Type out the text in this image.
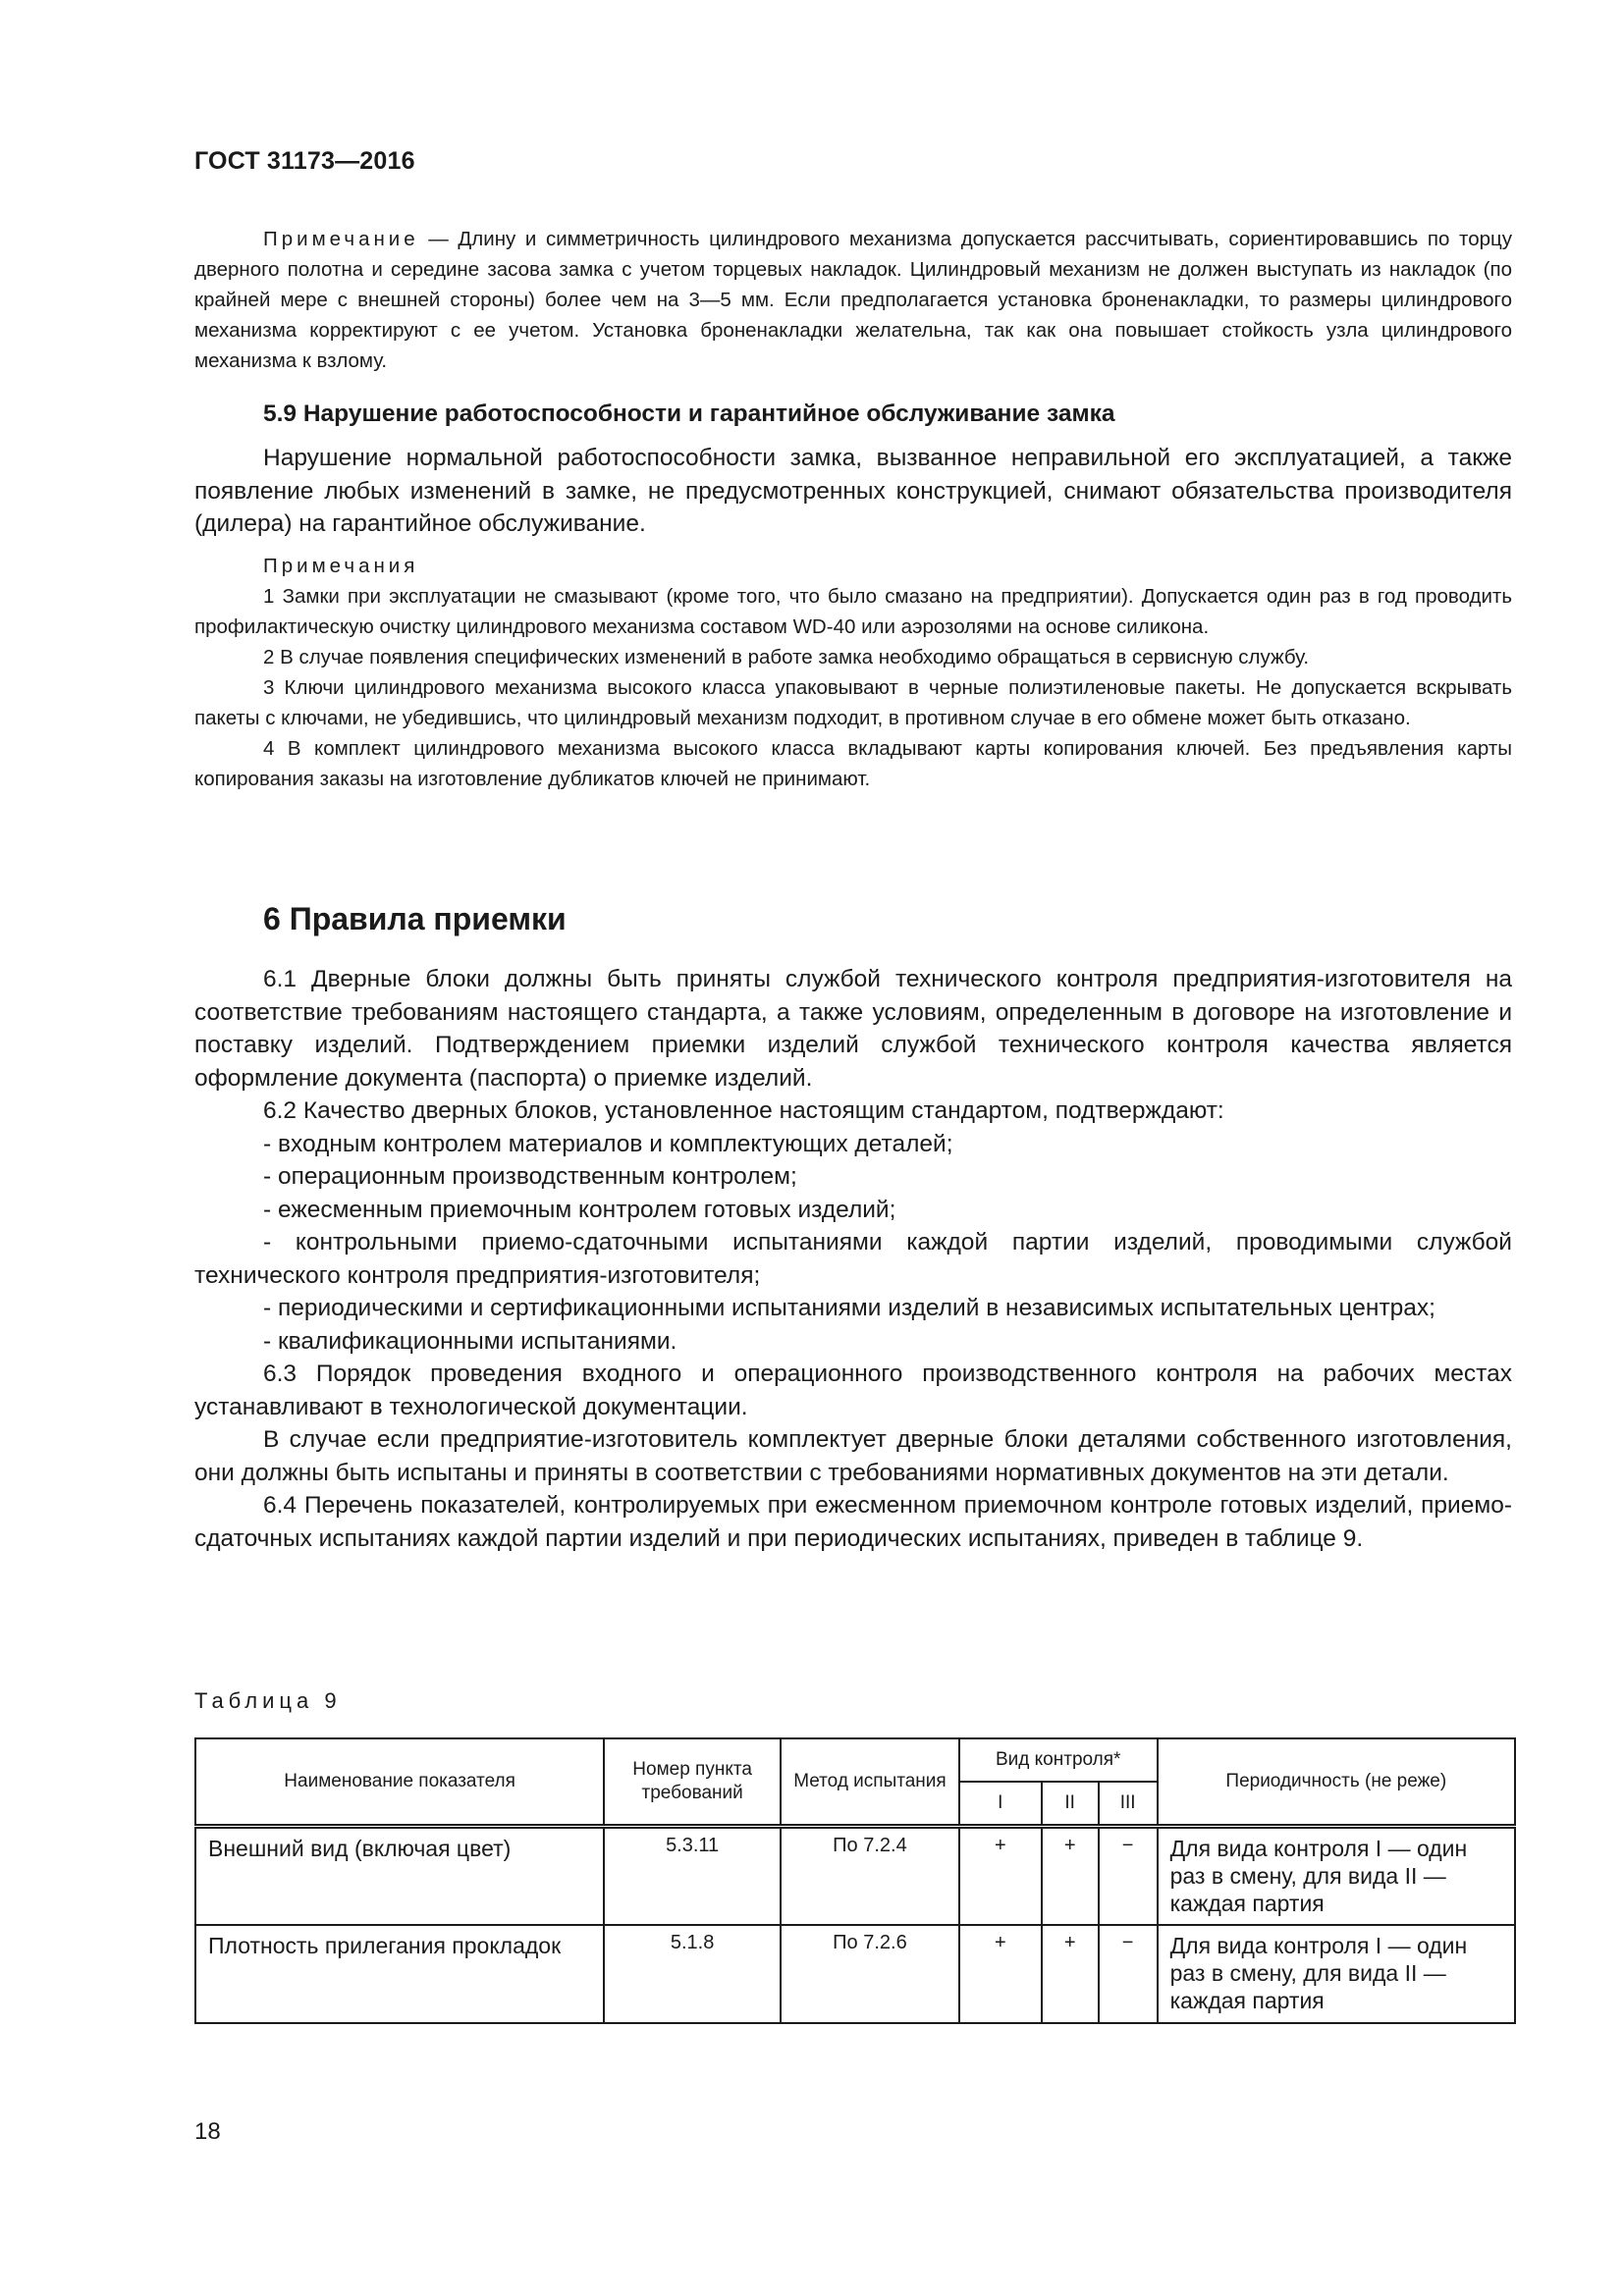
ГОСТ 31173—2016

Примечание — Длину и симметричность цилиндрового механизма допускается рассчитывать, сориентировавшись по торцу дверного полотна и середине засова замка с учетом торцевых накладок. Цилиндровый механизм не должен выступать из накладок (по крайней мере с внешней стороны) более чем на 3—5 мм. Если предполагается установка броненакладки, то размеры цилиндрового механизма корректируют с ее учетом. Установка броненакладки желательна, так как она повышает стойкость узла цилиндрового механизма к взлому.

5.9 Нарушение работоспособности и гарантийное обслуживание замка

Нарушение нормальной работоспособности замка, вызванное неправильной его эксплуатацией, а также появление любых изменений в замке, не предусмотренных конструкцией, снимают обязательства производителя (дилера) на гарантийное обслуживание.

Примечания

1 Замки при эксплуатации не смазывают (кроме того, что было смазано на предприятии). Допускается один раз в год проводить профилактическую очистку цилиндрового механизма составом WD-40 или аэрозолями на основе силикона.

2 В случае появления специфических изменений в работе замка необходимо обращаться в сервисную службу.

3 Ключи цилиндрового механизма высокого класса упаковывают в черные полиэтиленовые пакеты. Не допускается вскрывать пакеты с ключами, не убедившись, что цилиндровый механизм подходит, в противном случае в его обмене может быть отказано.

4 В комплект цилиндрового механизма высокого класса вкладывают карты копирования ключей. Без предъявления карты копирования заказы на изготовление дубликатов ключей не принимают.

6 Правила приемки

6.1 Дверные блоки должны быть приняты службой технического контроля предприятия-изготовителя на соответствие требованиям настоящего стандарта, а также условиям, определенным в договоре на изготовление и поставку изделий. Подтверждением приемки изделий службой технического контроля качества является оформление документа (паспорта) о приемке изделий.

6.2 Качество дверных блоков, установленное настоящим стандартом, подтверждают:

- входным контролем материалов и комплектующих деталей;

- операционным производственным контролем;

- ежесменным приемочным контролем готовых изделий;

- контрольными приемо-сдаточными испытаниями каждой партии изделий, проводимыми службой технического контроля предприятия-изготовителя;

- периодическими и сертификационными испытаниями изделий в независимых испытательных центрах;

- квалификационными испытаниями.

6.3 Порядок проведения входного и операционного производственного контроля на рабочих местах устанавливают в технологической документации.

В случае если предприятие-изготовитель комплектует дверные блоки деталями собственного изготовления, они должны быть испытаны и приняты в соответствии с требованиями нормативных документов на эти детали.

6.4 Перечень показателей, контролируемых при ежесменном приемочном контроле готовых изделий, приемо-сдаточных испытаниях каждой партии изделий и при периодических испытаниях, приведен в таблице 9.

Таблица 9

Наименование показателя	Номер пункта требований	Метод испытания	Вид контроля*			Периодичность (не реже)
			I	II	III	
Внешний вид (включая цвет)	5.3.11	По 7.2.4	+	+	−	Для вида контроля I — один раз в смену, для вида II — каждая партия
Плотность прилегания прокладок	5.1.8	По 7.2.6	+	+	−	Для вида контроля I — один раз в смену, для вида II — каждая партия
18
